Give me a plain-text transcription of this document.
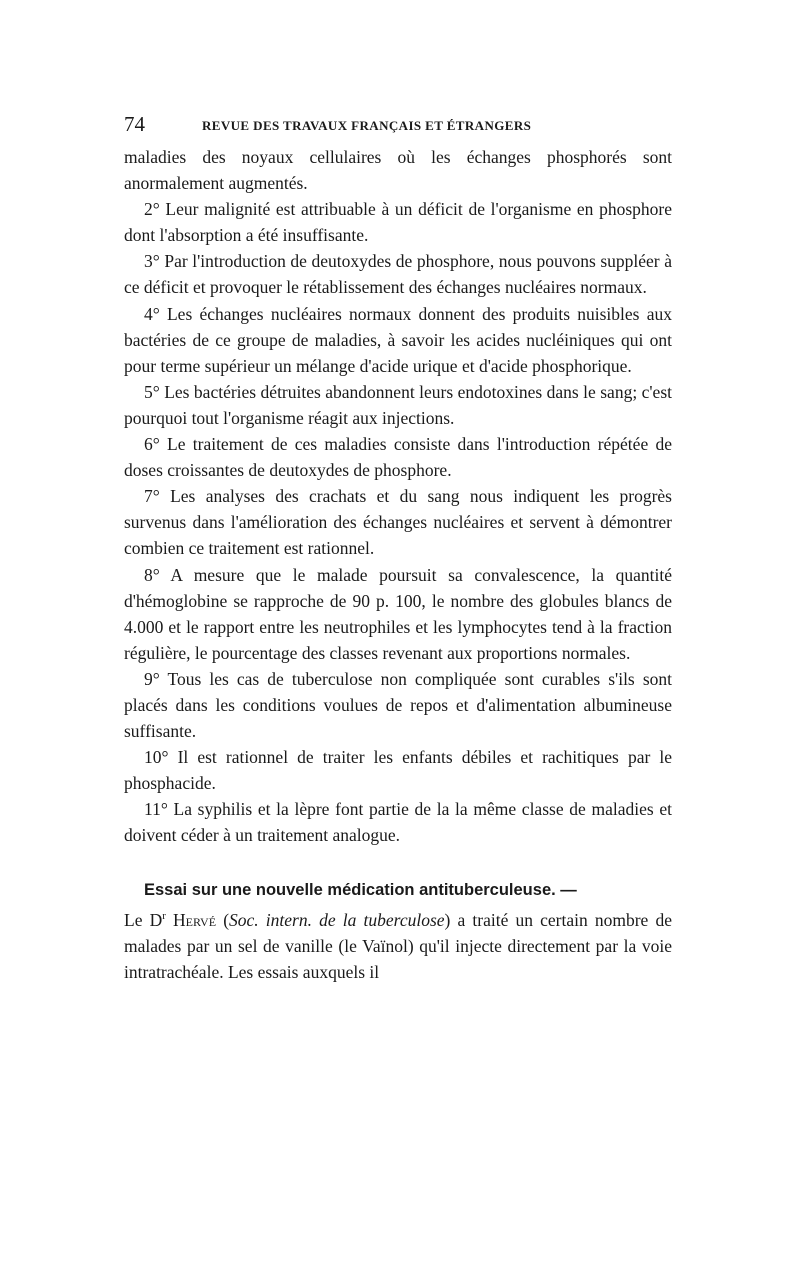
74	REVUE DES TRAVAUX FRANÇAIS ET ÉTRANGERS

maladies des noyaux cellulaires où les échanges phosphorés sont anormalement augmentés.

2° Leur malignité est attribuable à un déficit de l'organisme en phosphore dont l'absorption a été insuffisante.

3° Par l'introduction de deutoxydes de phosphore, nous pouvons suppléer à ce déficit et provoquer le rétablissement des échanges nucléaires normaux.

4° Les échanges nucléaires normaux donnent des produits nuisibles aux bactéries de ce groupe de maladies, à savoir les acides nucléiniques qui ont pour terme supérieur un mélange d'acide urique et d'acide phosphorique.

5° Les bactéries détruites abandonnent leurs endotoxines dans le sang; c'est pourquoi tout l'organisme réagit aux injections.

6° Le traitement de ces maladies consiste dans l'introduction répétée de doses croissantes de deutoxydes de phosphore.

7° Les analyses des crachats et du sang nous indiquent les progrès survenus dans l'amélioration des échanges nucléaires et servent à démontrer combien ce traitement est rationnel.

8° A mesure que le malade poursuit sa convalescence, la quantité d'hémoglobine se rapproche de 90 p. 100, le nombre des globules blancs de 4.000 et le rapport entre les neutrophiles et les lymphocytes tend à la fraction régulière, le pourcentage des classes revenant aux proportions normales.

9° Tous les cas de tuberculose non compliquée sont curables s'ils sont placés dans les conditions voulues de repos et d'alimentation albumineuse suffisante.

10° Il est rationnel de traiter les enfants débiles et rachitiques par le phosphacide.

11° La syphilis et la lèpre font partie de la la même classe de maladies et doivent céder à un traitement analogue.

Essai sur une nouvelle médication antituberculeuse. —

Le $D^r$ Hervé (Soc. intern. de la tuberculose) a traité un certain nombre de malades par un sel de vanille (le Vaïnol) qu'il injecte directement par la voie intratrachéale. Les essais auxquels il
